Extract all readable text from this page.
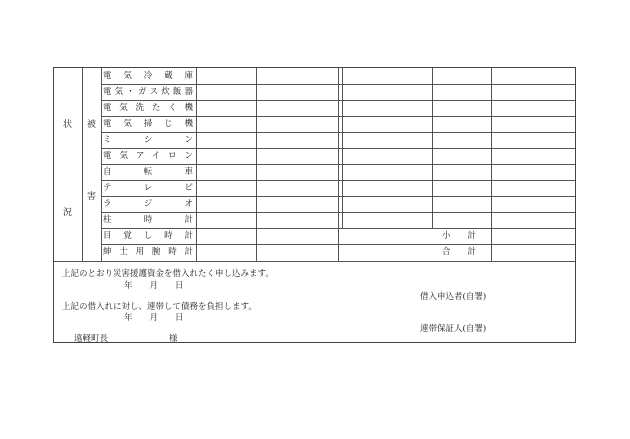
状
況
被
害
電気冷蔵庫
電気・ガス炊飯器
電気洗たく機
電気掃じ機
ミシン
電気アイロン
自転車
テレビ
ラジオ
柱時計
目覚し時計
紳士用腕時計
小　　計
合　　計
上記のとおり災害援護資金を借入れたく申し込みます。
年　　月　　日
借入申込者(自署)
上記の借入れに対し、連帯して債務を負担します。
年　　月　　日
連帯保証人(自署)
遠軽町長	様
